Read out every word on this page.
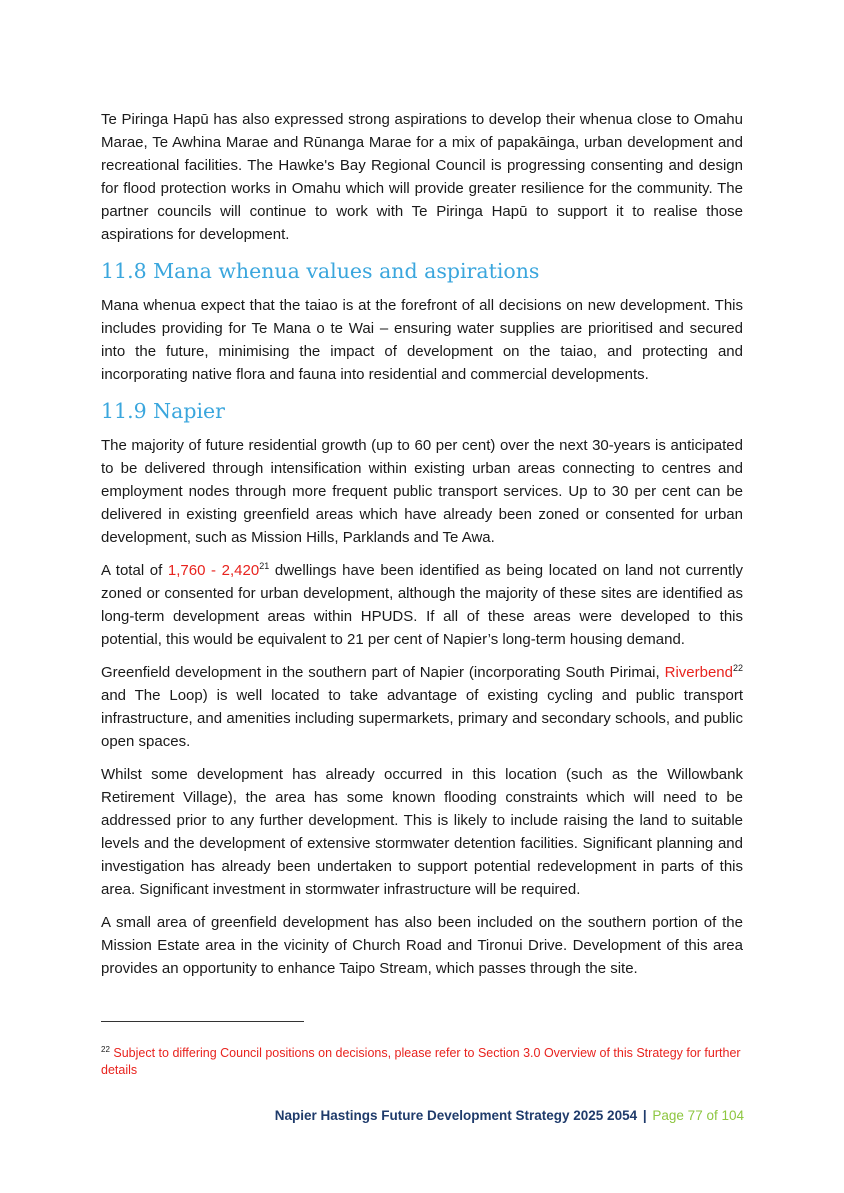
Te Piringa Hapū has also expressed strong aspirations to develop their whenua close to Omahu Marae, Te Awhina Marae and Rūnanga Marae for a mix of papakāinga, urban development and recreational facilities. The Hawke's Bay Regional Council is progressing consenting and design for flood protection works in Omahu which will provide greater resilience for the community. The partner councils will continue to work with Te Piringa Hapū to support it to realise those aspirations for development.

11.8 Mana whenua values and aspirations

Mana whenua expect that the taiao is at the forefront of all decisions on new development. This includes providing for Te Mana o te Wai – ensuring water supplies are prioritised and secured into the future, minimising the impact of development on the taiao, and protecting and incorporating native flora and fauna into residential and commercial developments.

11.9 Napier

The majority of future residential growth (up to 60 per cent) over the next 30-years is anticipated to be delivered through intensification within existing urban areas connecting to centres and employment nodes through more frequent public transport services. Up to 30 per cent can be delivered in existing greenfield areas which have already been zoned or consented for urban development, such as Mission Hills, Parklands and Te Awa.

A total of 1,760 - 2,420$^{21}$ dwellings have been identified as being located on land not currently zoned or consented for urban development, although the majority of these sites are identified as long-term development areas within HPUDS. If all of these areas were developed to this potential, this would be equivalent to 21 per cent of Napier’s long-term housing demand.

Greenfield development in the southern part of Napier (incorporating South Pirimai, Riverbend$^{22}$ and The Loop) is well located to take advantage of existing cycling and public transport infrastructure, and amenities including supermarkets, primary and secondary schools, and public open spaces.

Whilst some development has already occurred in this location (such as the Willowbank Retirement Village), the area has some known flooding constraints which will need to be addressed prior to any further development. This is likely to include raising the land to suitable levels and the development of extensive stormwater detention facilities. Significant planning and investigation has already been undertaken to support potential redevelopment in parts of this area. Significant investment in stormwater infrastructure will be required.

A small area of greenfield development has also been included on the southern portion of the Mission Estate area in the vicinity of Church Road and Tironui Drive. Development of this area provides an opportunity to enhance Taipo Stream, which passes through the site.

$^{22}$ Subject to differing Council positions on decisions, please refer to Section 3.0 Overview of this Strategy for further details
Napier Hastings Future Development Strategy 2025 2054 | Page 77 of 104
